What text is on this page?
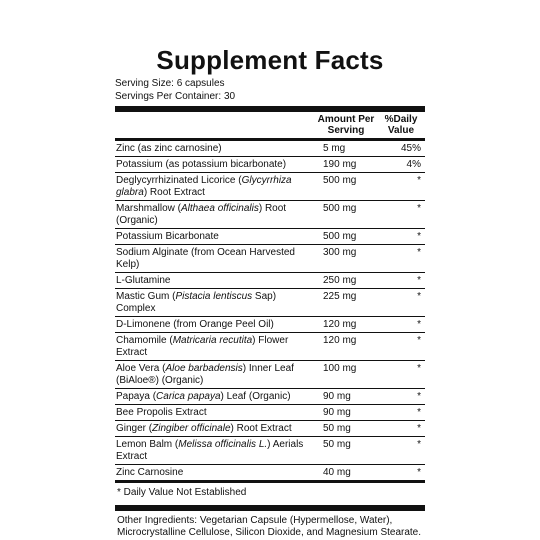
Supplement Facts
Serving Size: 6 capsules
Servings Per Container: 30
Amount Per
Serving
%Daily
Value
Zinc (as zinc carnosine)	5 mg	45%
Potassium (as potassium bicarbonate)	190 mg	4%
Deglycyrrhizinated Licorice (Glycyrrhiza glabra) Root Extract
500 mg	*
Marshmallow (Althaea officinalis) Root (Organic)
500 mg	*
Potassium Bicarbonate	500 mg	*
Sodium Alginate (from Ocean Harvested Kelp)
300 mg	*
L-Glutamine	250 mg	*
Mastic Gum (Pistacia lentiscus Sap) Complex
225 mg	*
D-Limonene (from Orange Peel Oil)	120 mg	*
Chamomile (Matricaria recutita) Flower Extract
120 mg	*
Aloe Vera (Aloe barbadensis) Inner Leaf (BiAloe®) (Organic)
100 mg	*
Papaya (Carica papaya) Leaf (Organic)	90 mg	*
Bee Propolis Extract	90 mg	*
Ginger (Zingiber officinale) Root Extract	50 mg	*
Lemon Balm (Melissa officinalis L.) Aerials Extract
50 mg	*
Zinc Carnosine	40 mg	*
* Daily Value Not Established
Other Ingredients: Vegetarian Capsule (Hypermellose, Water), Microcrystalline Cellulose, Silicon Dioxide, and Magnesium Stearate.
